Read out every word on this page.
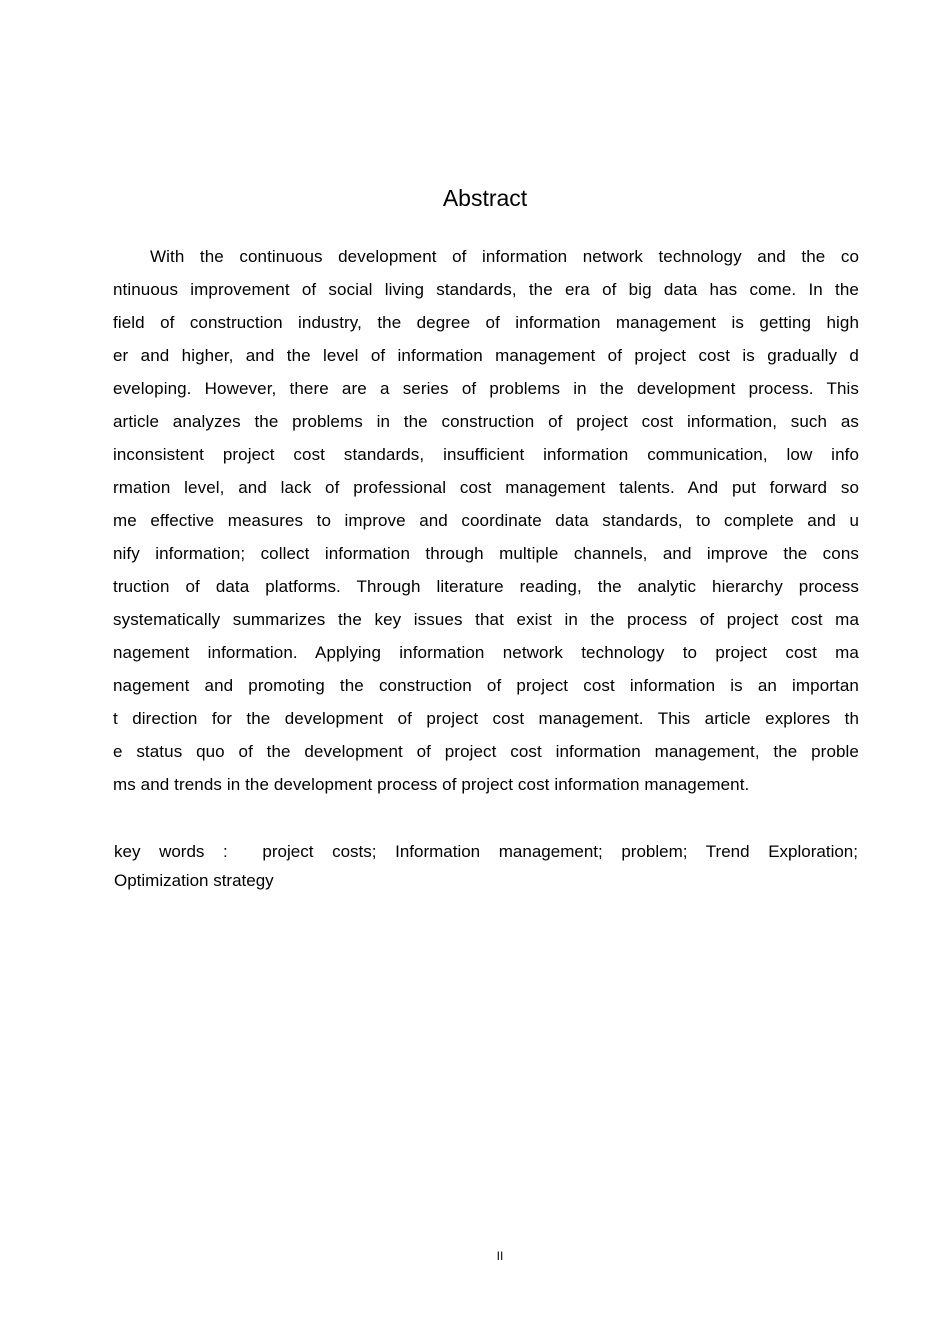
Abstract
With the continuous development of information network technology and the co
ntinuous improvement of social living standards, the era of big data has come. In the
field of construction industry, the degree of information management is getting high
er and higher, and the level of information management of project cost is gradually d
eveloping. However, there are a series of problems in the development process. This
article analyzes the problems in the construction of project cost information, such as
inconsistent project cost standards, insufficient information communication, low info
rmation level, and lack of professional cost management talents. And put forward so
me effective measures to improve and coordinate data standards, to complete and u
nify information; collect information through multiple channels, and improve the cons
truction of data platforms. Through literature reading, the analytic hierarchy process
systematically summarizes the key issues that exist in the process of project cost ma
nagement information. Applying information network technology to project cost ma
nagement and promoting the construction of project cost information is an importan
t direction for the development of project cost management. This article explores th
e status quo of the development of project cost information management, the proble
ms and trends in the development process of project cost information management.
key words : project costs; Information management; problem; Trend Exploration;
Optimization strategy
II
